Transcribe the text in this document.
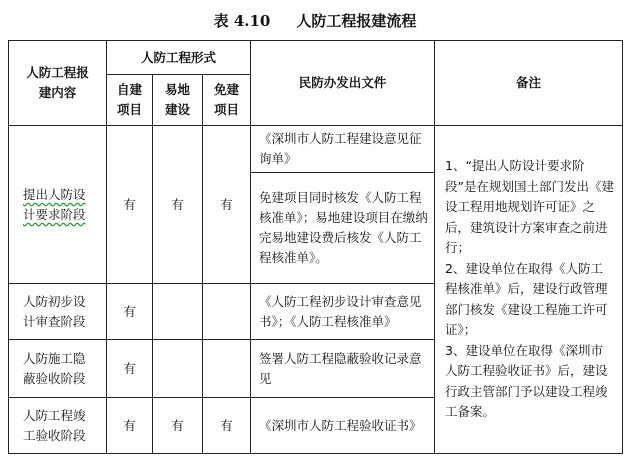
表 4.10 人防工程报建流程
人防工程报建内容	人防工程形式			民防办发出文件	备注
	自建项目	易地建设	免建项目		
提出人防设计要求阶段	有	有	有	《深圳市人防工程建设意见征询单》	1、“提出人防设计要求阶段”是在规划国土部门发出《建设工程用地规划许可证》之后，建筑设计方案审查之前进行；
2、建设单位在取得《人防工程核准单》后，建设行政管理部门核发《建设工程施工许可证》；
3、建设单位在取得《深圳市人防工程验收证书》后，建设行政主管部门予以建设工程竣工备案。

				免建项目同时核发《人防工程核准单》；易地建设项目在缴纳完易地建设费后核发《人防工程核准单》。	
人防初步设计审查阶段	有			《人防工程初步设计审查意见书》；《人防工程核准单》	
人防施工隐蔽验收阶段	有			签署人防工程隐蔽验收记录意见	
人防工程竣工验收阶段	有	有	有	《深圳市人防工程验收证书》	
